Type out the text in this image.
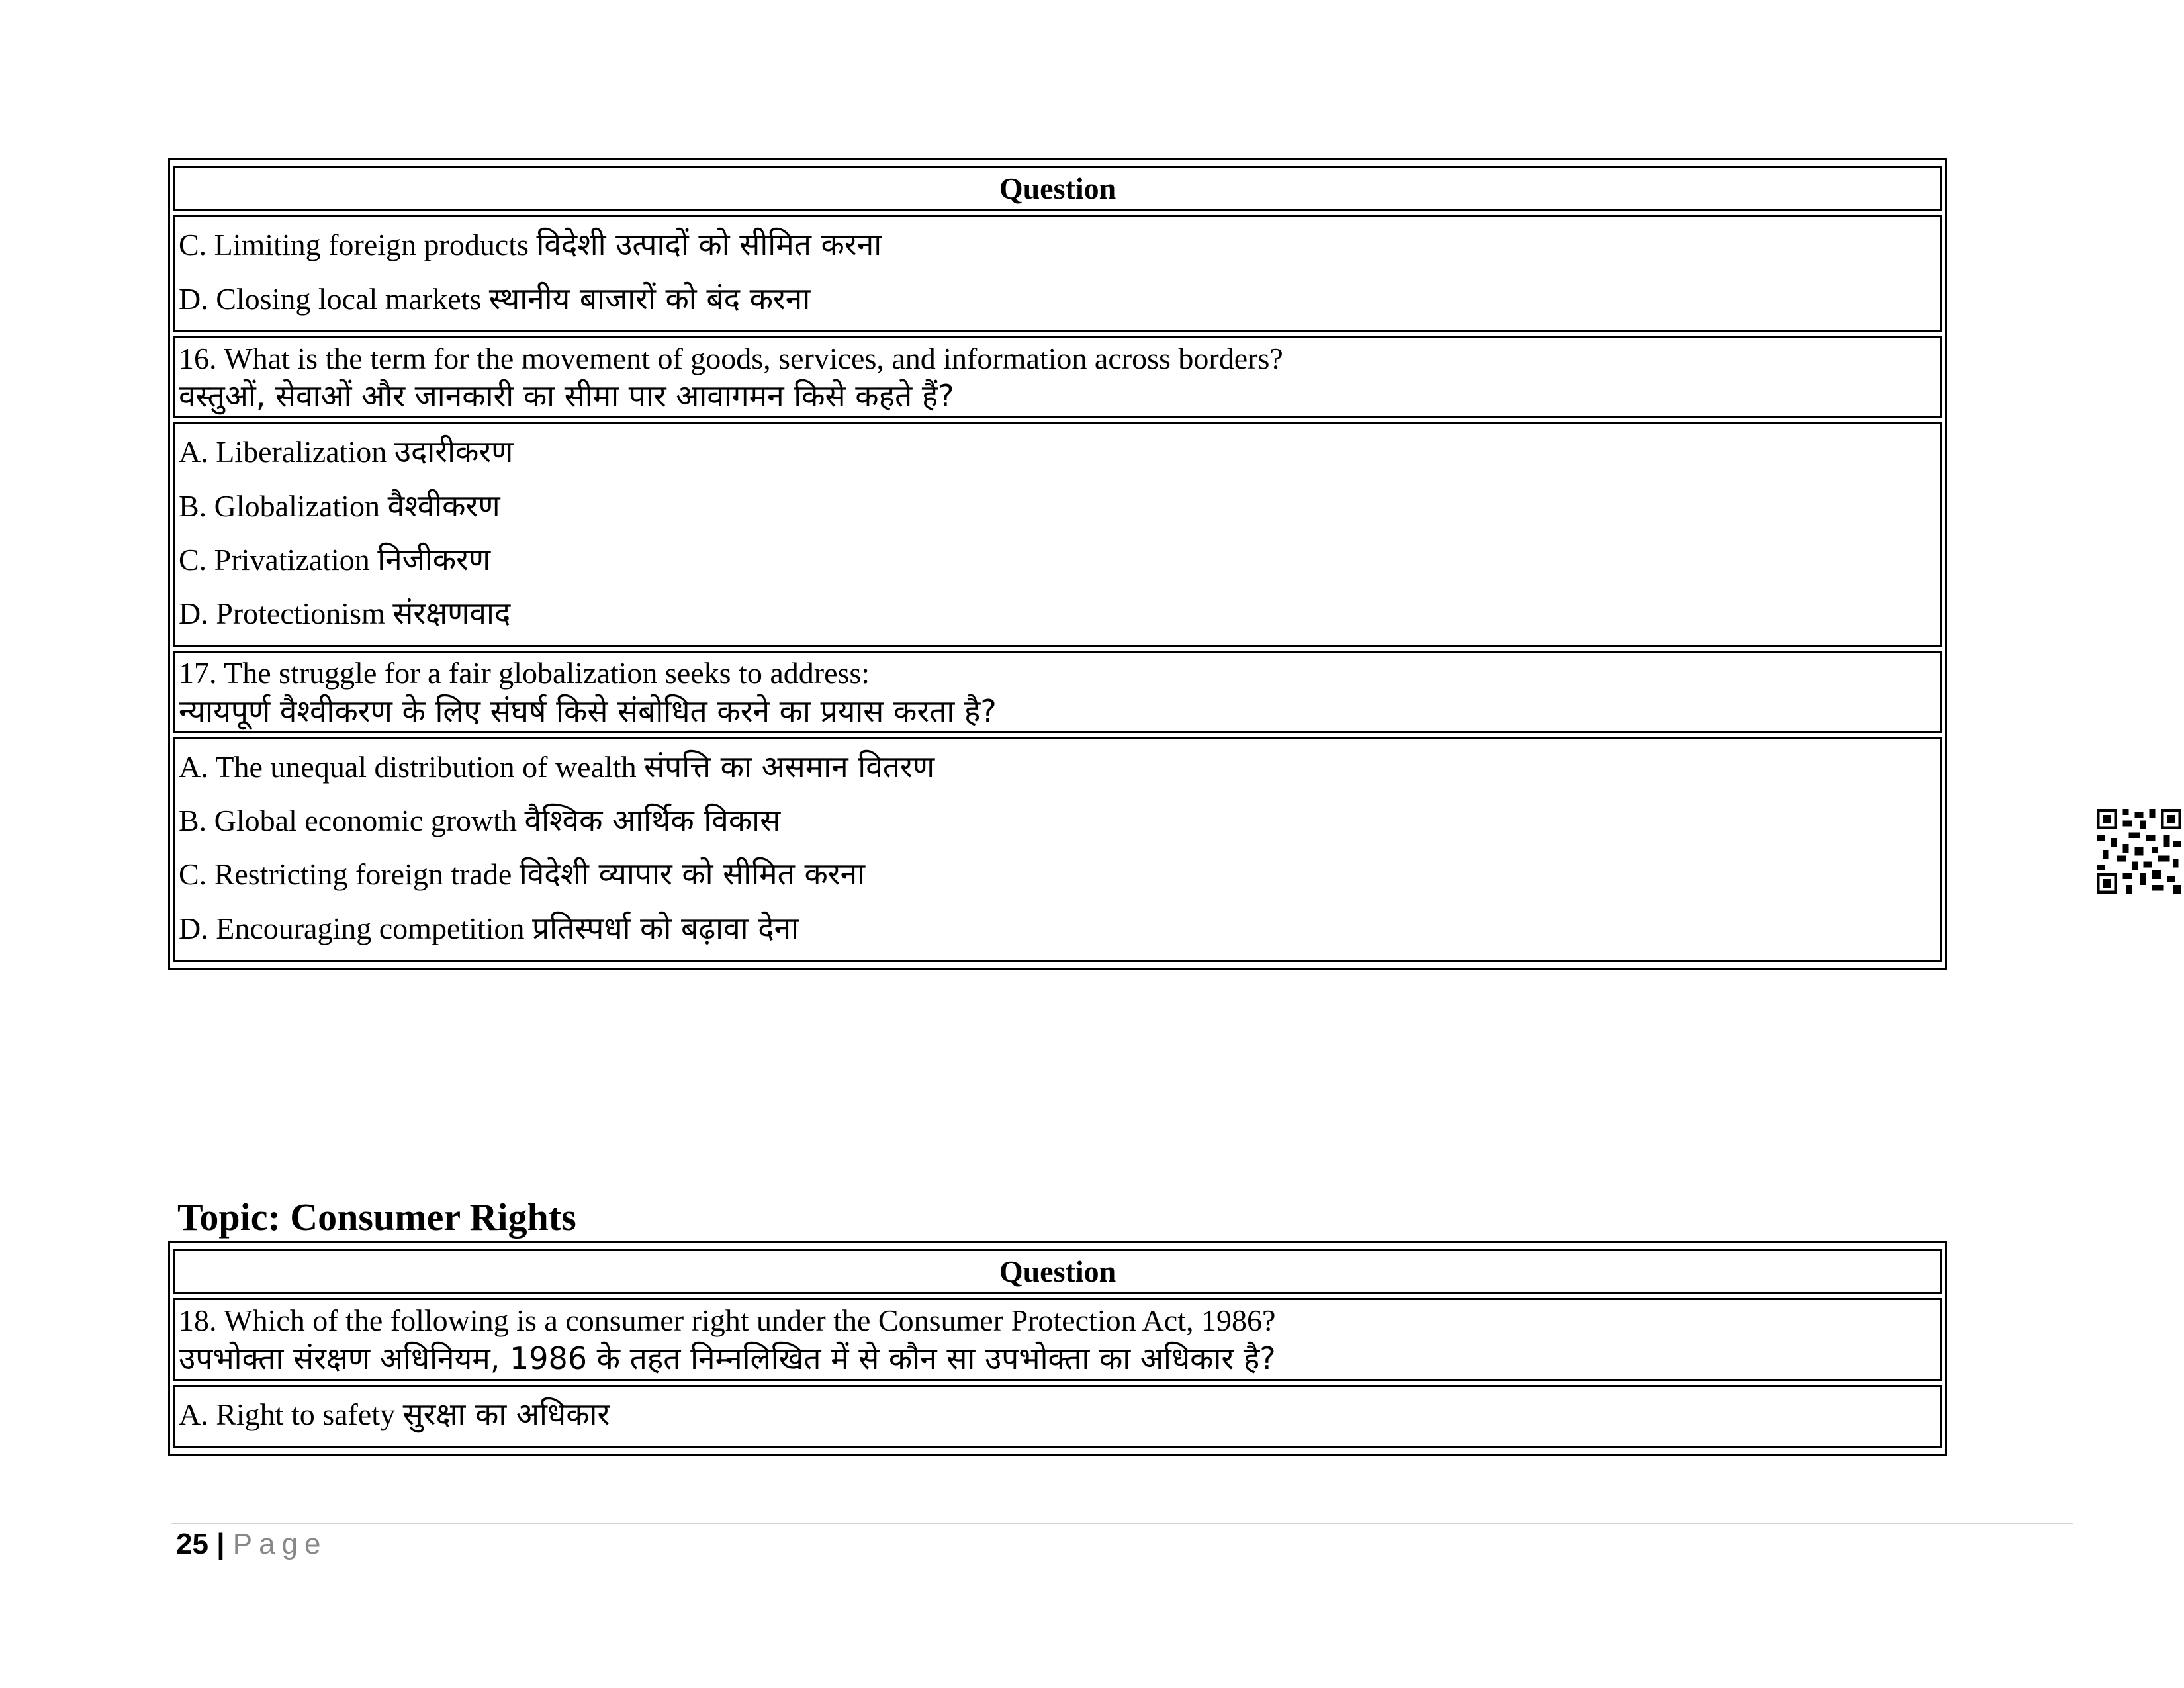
Question

C. Limiting foreign products विदेशी उत्पादों को सीमित करना
D. Closing local markets स्थानीय बाजारों को बंद करना

16. What is the term for the movement of goods, services, and information across borders?
वस्तुओं, सेवाओं और जानकारी का सीमा पार आवागमन किसे कहते हैं?

A. Liberalization उदारीकरण
B. Globalization वैश्वीकरण
C. Privatization निजीकरण
D. Protectionism संरक्षणवाद

17. The struggle for a fair globalization seeks to address:
न्यायपूर्ण वैश्वीकरण के लिए संघर्ष किसे संबोधित करने का प्रयास करता है?

A. The unequal distribution of wealth संपत्ति का असमान वितरण
B. Global economic growth वैश्विक आर्थिक विकास
C. Restricting foreign trade विदेशी व्यापार को सीमित करना
D. Encouraging competition प्रतिस्पर्धा को बढ़ावा देना
Topic: Consumer Rights
Question

18. Which of the following is a consumer right under the Consumer Protection Act, 1986?
उपभोक्ता संरक्षण अधिनियम, 1986 के तहत निम्नलिखित में से कौन सा उपभोक्ता का अधिकार है?

A. Right to safety सुरक्षा का अधिकार
25 | Page
